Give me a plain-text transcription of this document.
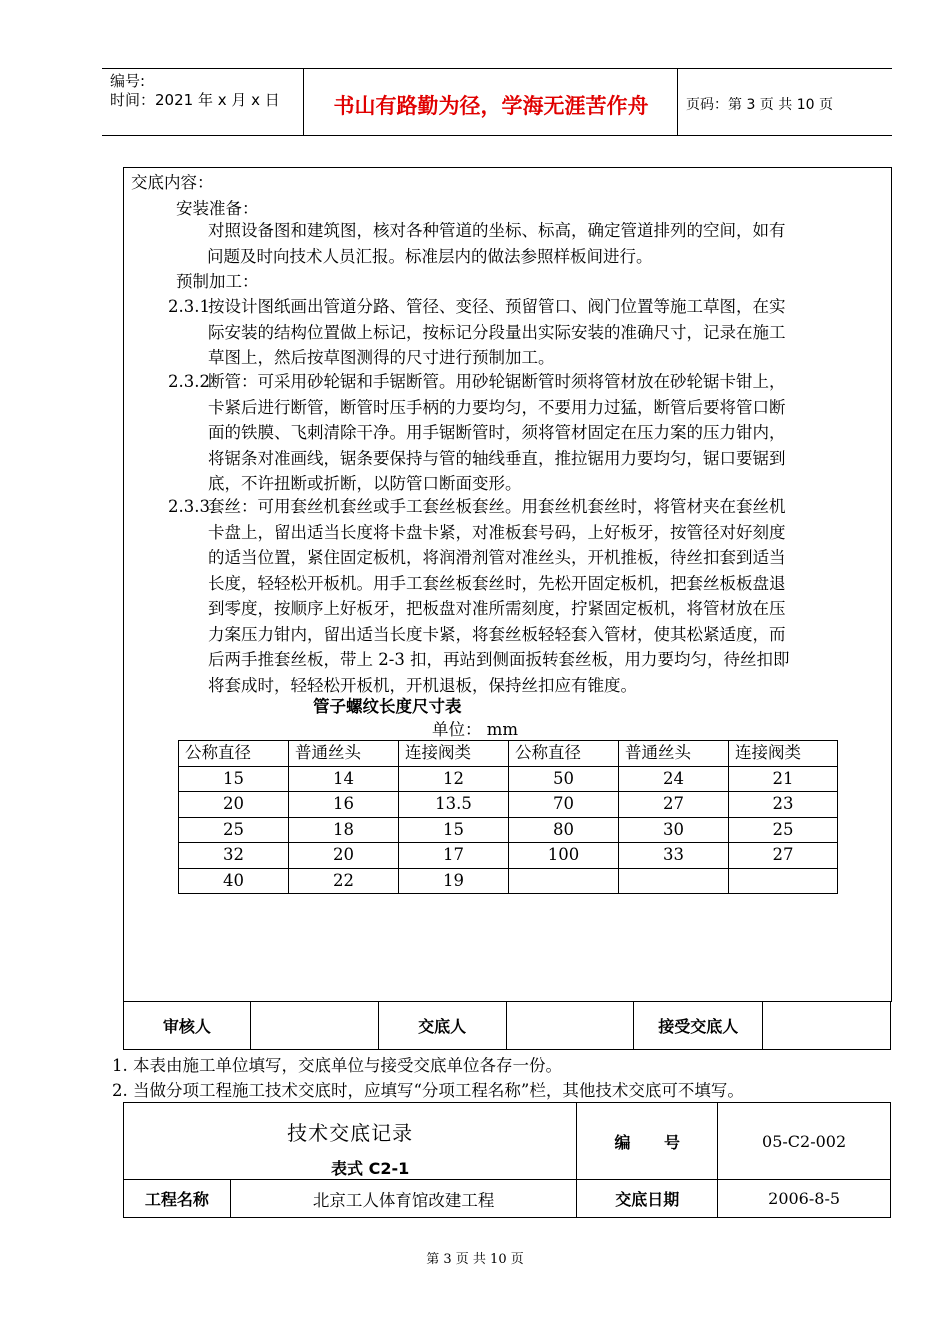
编号:
时间：2021 年 x 月 x 日	书山有路勤为径，学海无涯苦作舟	页码：第 3 页 共 10 页
交底内容：
安装准备：
对照设备图和建筑图，核对各种管道的坐标、标高，确定管道排列的空间，如有
问题及时向技术人员汇报。标准层内的做法参照样板间进行。
预制加工：
2.3.1
按设计图纸画出管道分路、管径、变径、预留管口、阀门位置等施工草图，在实
际安装的结构位置做上标记，按标记分段量出实际安装的准确尺寸，记录在施工
草图上，然后按草图测得的尺寸进行预制加工。
2.3.2
断管：可采用砂轮锯和手锯断管。用砂轮锯断管时须将管材放在砂轮锯卡钳上，
卡紧后进行断管，断管时压手柄的力要均匀，不要用力过猛，断管后要将管口断
面的铁膜、飞刺清除干净。用手锯断管时，须将管材固定在压力案的压力钳内，
将锯条对准画线，锯条要保持与管的轴线垂直，推拉锯用力要均匀，锯口要锯到
底，不许扭断或折断，以防管口断面变形。
2.3.3
套丝：可用套丝机套丝或手工套丝板套丝。用套丝机套丝时，将管材夹在套丝机
卡盘上，留出适当长度将卡盘卡紧，对准板套号码，上好板牙，按管径对好刻度
的适当位置，紧住固定板机，将润滑剂管对准丝头，开机推板，待丝扣套到适当
长度，轻轻松开板机。用手工套丝板套丝时，先松开固定板机，把套丝板板盘退
到零度，按顺序上好板牙，把板盘对准所需刻度，拧紧固定板机，将管材放在压
力案压力钳内，留出适当长度卡紧，将套丝板轻轻套入管材，使其松紧适度，而
后两手推套丝板，带上 2-3 扣，再站到侧面扳转套丝板，用力要均匀，待丝扣即
将套成时，轻轻松开板机，开机退板，保持丝扣应有锥度。
管子螺纹长度尺寸表
单位： mm
公称直径	普通丝头	连接阀类	公称直径	普通丝头	连接阀类
15	14	12	50	24	21
20	16	13.5	70	27	23
25	18	15	80	30	25
32	20	17	100	33	27
40	22	19			
审核人		交底人		接受交底人	
1. 本表由施工单位填写，交底单位与接受交底单位各存一份。
2. 当做分项工程施工技术交底时，应填写“分项工程名称”栏，其他技术交底可不填写。
技术交底记录
表式 C2-1		编      号	05-C2-002
工程名称	北京工人体育馆改建工程	交底日期	2006-8-5
第 3 页 共 10 页
